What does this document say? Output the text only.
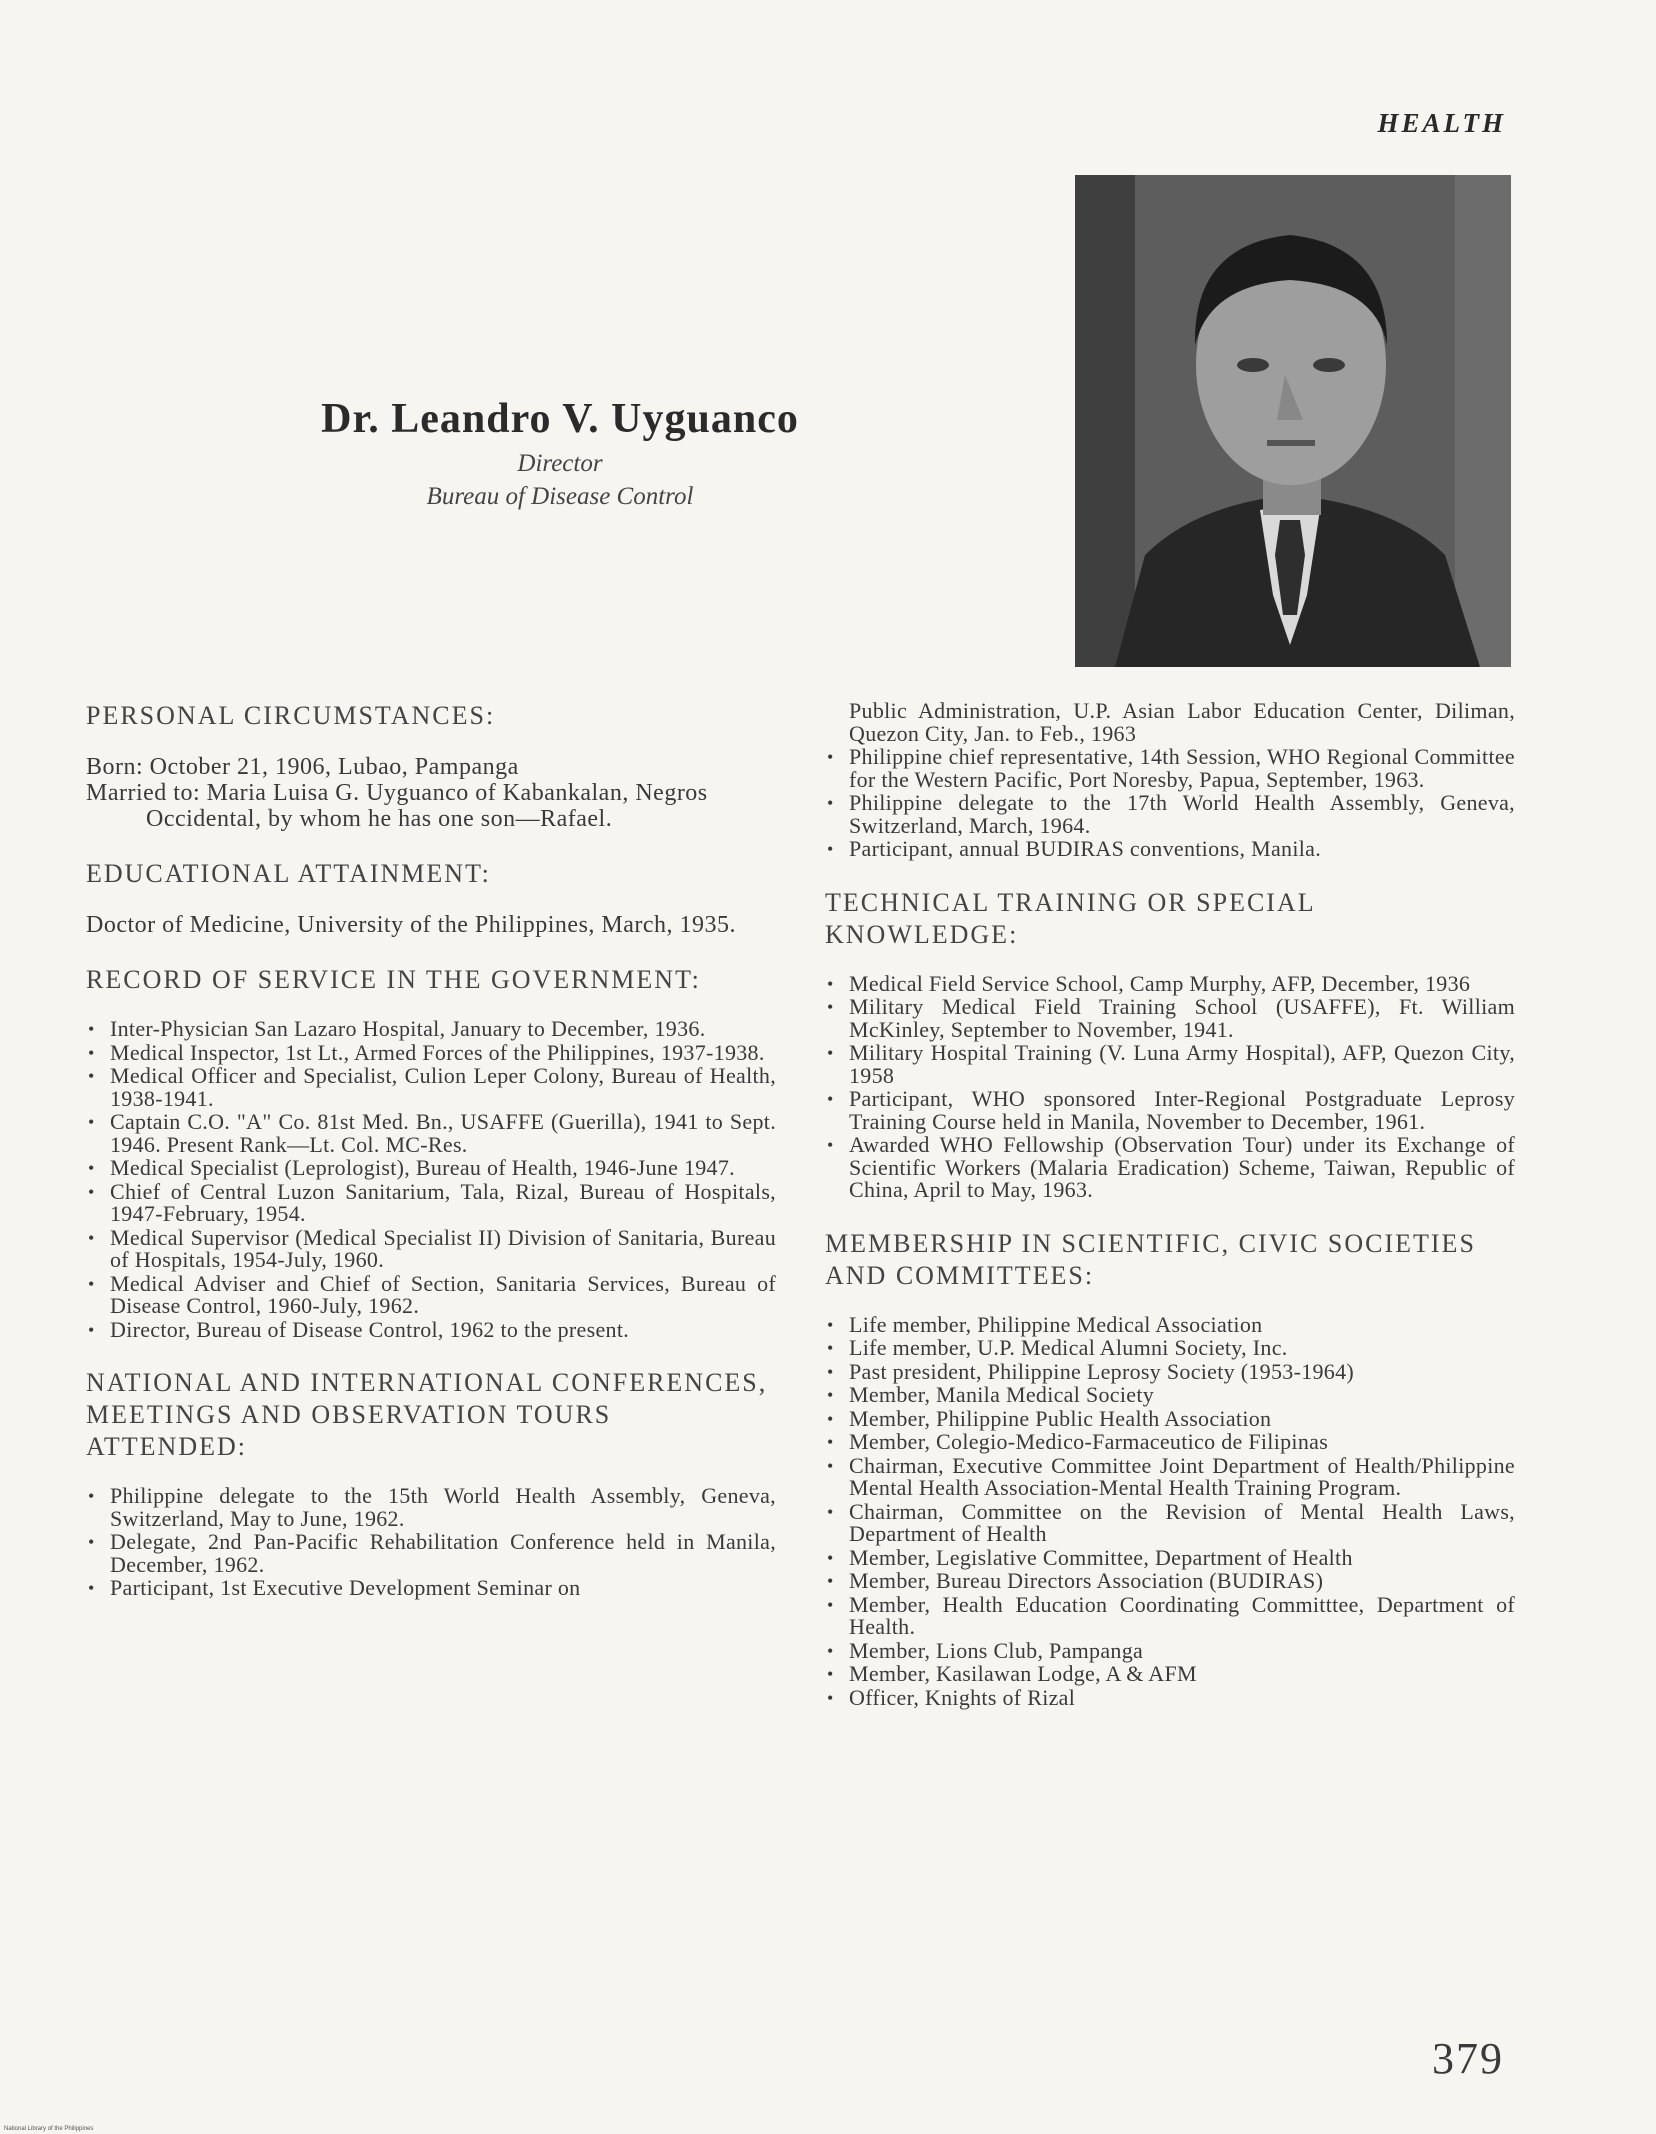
HEALTH
Dr. Leandro V. Uyguanco
Director
Bureau of Disease Control
PERSONAL CIRCUMSTANCES:

Born: October 21, 1906, Lubao, Pampanga

Married to: Maria Luisa G. Uyguanco of Kabankalan, Negros Occidental, by whom he has one son—Rafael.

EDUCATIONAL ATTAINMENT:

Doctor of Medicine, University of the Philippines, March, 1935.

RECORD OF SERVICE IN THE GOVERNMENT:
• Inter-Physician San Lazaro Hospital, January to December, 1936.
• Medical Inspector, 1st Lt., Armed Forces of the Philippines, 1937-1938.
• Medical Officer and Specialist, Culion Leper Colony, Bureau of Health, 1938-1941.
• Captain C.O. "A" Co. 81st Med. Bn., USAFFE (Guerilla), 1941 to Sept. 1946. Present Rank—Lt. Col. MC-Res.
• Medical Specialist (Leprologist), Bureau of Health, 1946-June 1947.
• Chief of Central Luzon Sanitarium, Tala, Rizal, Bureau of Hospitals, 1947-February, 1954.
• Medical Supervisor (Medical Specialist II) Division of Sanitaria, Bureau of Hospitals, 1954-July, 1960.
• Medical Adviser and Chief of Section, Sanitaria Services, Bureau of Disease Control, 1960-July, 1962.
• Director, Bureau of Disease Control, 1962 to the present.
NATIONAL AND INTERNATIONAL CONFERENCES, MEETINGS AND OBSERVATION TOURS ATTENDED:
• Philippine delegate to the 15th World Health Assembly, Geneva, Switzerland, May to June, 1962.
• Delegate, 2nd Pan-Pacific Rehabilitation Conference held in Manila, December, 1962.
• Participant, 1st Executive Development Seminar on
Public Administration, U.P. Asian Labor Education Center, Diliman, Quezon City, Jan. to Feb., 1963
• Philippine chief representative, 14th Session, WHO Regional Committee for the Western Pacific, Port Noresby, Papua, September, 1963.
• Philippine delegate to the 17th World Health Assembly, Geneva, Switzerland, March, 1964.
• Participant, annual BUDIRAS conventions, Manila.
TECHNICAL TRAINING OR SPECIAL KNOWLEDGE:
• Medical Field Service School, Camp Murphy, AFP, December, 1936
• Military Medical Field Training School (USAFFE), Ft. William McKinley, September to November, 1941.
• Military Hospital Training (V. Luna Army Hospital), AFP, Quezon City, 1958
• Participant, WHO sponsored Inter-Regional Postgraduate Leprosy Training Course held in Manila, November to December, 1961.
• Awarded WHO Fellowship (Observation Tour) under its Exchange of Scientific Workers (Malaria Eradication) Scheme, Taiwan, Republic of China, April to May, 1963.
MEMBERSHIP IN SCIENTIFIC, CIVIC SOCIETIES AND COMMITTEES:
• Life member, Philippine Medical Association
• Life member, U.P. Medical Alumni Society, Inc.
• Past president, Philippine Leprosy Society (1953-1964)
• Member, Manila Medical Society
• Member, Philippine Public Health Association
• Member, Colegio-Medico-Farmaceutico de Filipinas
• Chairman, Executive Committee Joint Department of Health/Philippine Mental Health Association-Mental Health Training Program.
• Chairman, Committee on the Revision of Mental Health Laws, Department of Health
• Member, Legislative Committee, Department of Health
• Member, Bureau Directors Association (BUDIRAS)
• Member, Health Education Coordinating Committtee, Department of Health.
• Member, Lions Club, Pampanga
• Member, Kasilawan Lodge, A & AFM
• Officer, Knights of Rizal
379
National Library of the Philippines
